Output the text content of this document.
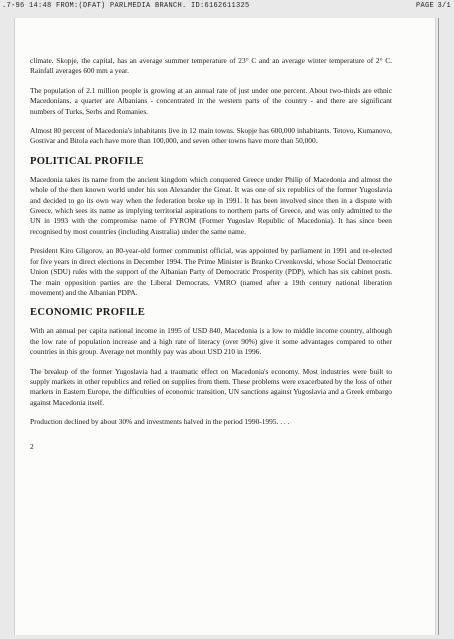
.7-96 14:48 FROM:(DFAT) PARLMEDIA BRANCH. ID:6162611325	PAGE 3/1

climate. Skopje, the capital, has an average summer temperature of 23° C and an average winter temperature of 2° C. Rainfall averages 600 mm a year.

The population of 2.1 million people is growing at an annual rate of just under one percent. About two-thirds are ethnic Macedonians, a quarter are Albanians - concentrated in the western parts of the country - and there are significant numbers of Turks, Serbs and Romanies.

Almost 80 percent of Macedonia's inhabitants live in 12 main towns. Skopje has 600,000 inhabitants. Tetovo, Kumanovo, Gostivar and Bitola each have more than 100,000, and seven other towns have more than 50,000.

POLITICAL PROFILE

Macedonia takes its name from the ancient kingdom which conquered Greece under Philip of Macedonia and almost the whole of the then known world under his son Alexander the Great. It was one of six republics of the former Yugoslavia and decided to go its own way when the federation broke up in 1991. It has been involved since then in a dispute with Greece, which sees its name as implying territorial aspirations to northern parts of Greece, and was only admitted to the UN in 1993 with the compromise name of FYROM (Former Yugoslav Republic of Macedonia). It has since been recognised by most countries (including Australia) under the same name.

President Kiro Gligorov, an 80-year-old former communist official, was appointed by parliament in 1991 and re-elected for five years in direct elections in December 1994. The Prime Minister is Branko Crvenkovski, whose Social Democratic Union (SDU) rules with the support of the Albanian Party of Democratic Prosperity (PDP), which has six cabinet posts. The main opposition parties are the Liberal Democrats, VMRO (named after a 19th century national liberation movement) and the Albanian PDPA.

ECONOMIC PROFILE

With an annual per capita national income in 1995 of USD 840, Macedonia is a low to middle income country, although the low rate of population increase and a high rate of literacy (over 90%) give it some advantages compared to other countries in this group. Average net monthly pay was about USD 210 in 1996.

The breakup of the former Yugoslavia had a traumatic effect on Macedonia's economy. Most industries were built to supply markets in other republics and relied on supplies from them. These problems were exacerbated by the loss of other markets in Eastern Europe, the difficulties of economic transition, UN sanctions against Yugoslavia and a Greek embargo against Macedonia itself.

Production declined by about 30% and investments halved in the period 1990-1995. . . .

2
